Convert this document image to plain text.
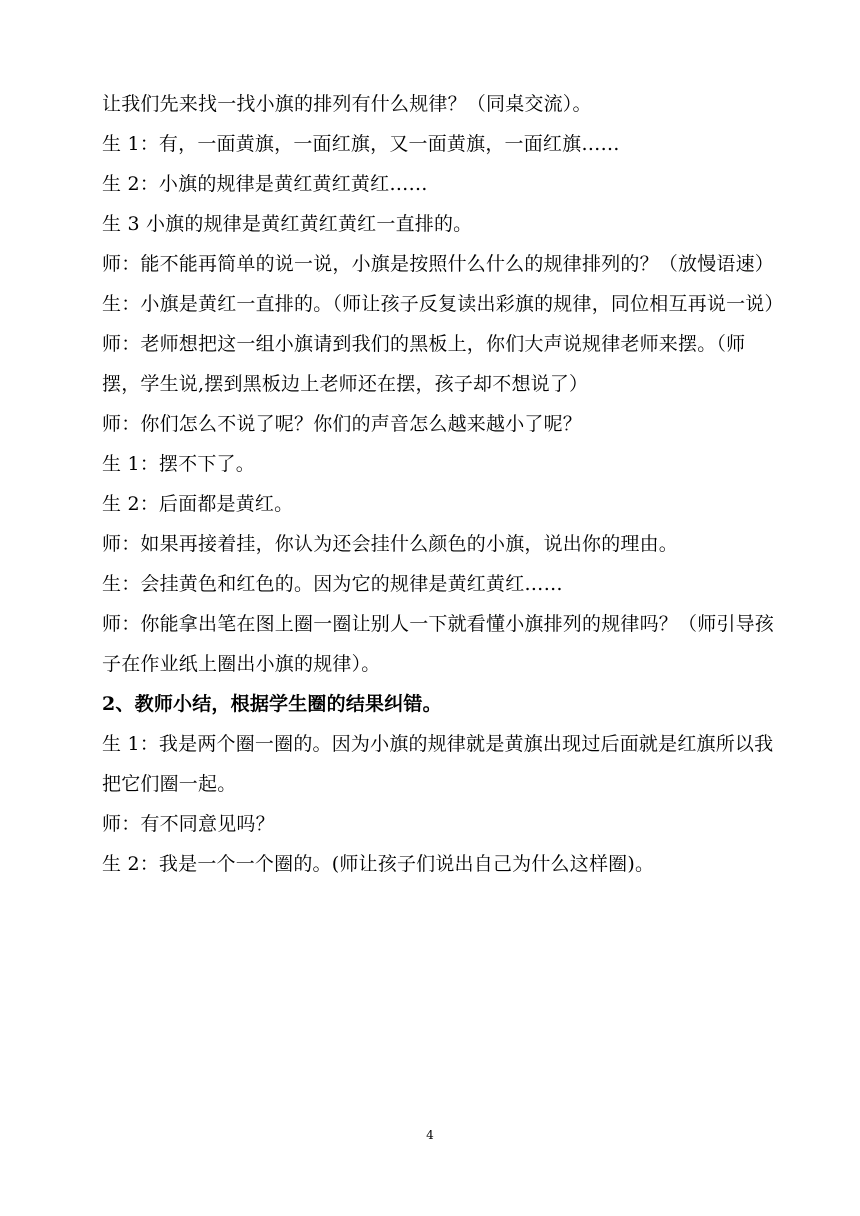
让我们先来找一找小旗的排列有什么规律？（同桌交流）。

生 1：有，一面黄旗，一面红旗，又一面黄旗，一面红旗……

生 2：小旗的规律是黄红黄红黄红……

生 3 小旗的规律是黄红黄红黄红一直排的。

师：能不能再简单的说一说，小旗是按照什么什么的规律排列的？（放慢语速）

生：小旗是黄红一直排的。（师让孩子反复读出彩旗的规律，同位相互再说一说）

师：老师想把这一组小旗请到我们的黑板上，你们大声说规律老师来摆。（师摆，学生说,摆到黑板边上老师还在摆，孩子却不想说了）

师：你们怎么不说了呢？你们的声音怎么越来越小了呢？

生 1：摆不下了。

生 2：后面都是黄红。

师：如果再接着挂，你认为还会挂什么颜色的小旗，说出你的理由。

生：会挂黄色和红色的。因为它的规律是黄红黄红……

师：你能拿出笔在图上圈一圈让别人一下就看懂小旗排列的规律吗？（师引导孩子在作业纸上圈出小旗的规律）。

2、教师小结，根据学生圈的结果纠错。

生 1：我是两个圈一圈的。因为小旗的规律就是黄旗出现过后面就是红旗所以我把它们圈一起。

师：有不同意见吗？

生 2：我是一个一个圈的。(师让孩子们说出自己为什么这样圈)。

4
